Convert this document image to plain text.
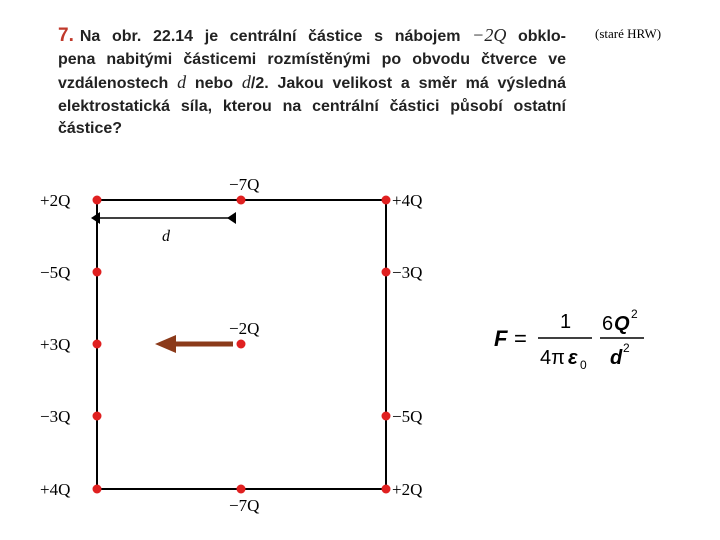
7. Na obr. 22.14 je centrální částice s nábojem −2Q obklo-
pena nabitými částicemi rozmístěnými po obvodu čtverce ve
vzdálenostech d nebo d/2. Jakou velikost a směr má výsledná
elektrostatická síla, kterou na centrální částici působí ostatní
částice?
(staré HRW)
d
+2Q
−7Q
+4Q
−5Q	−3Q
+3Q
−2Q
−3Q	−5Q
+4Q
−7Q
+2Q
F =
1
4π ε 0
6 Q 2
d 2
